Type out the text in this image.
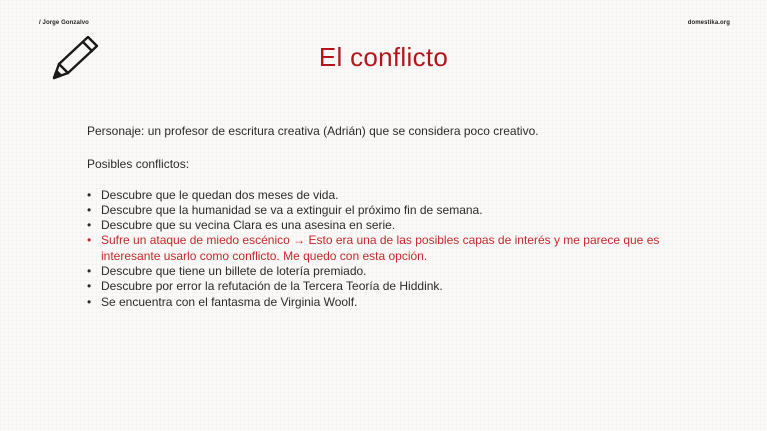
/ Jorge Gonzalvo	domestika.org
El conflicto

Personaje: un profesor de escritura creativa (Adrián) que se considera poco creativo.

Posibles conflictos:

• Descubre que le quedan dos meses de vida.
• Descubre que la humanidad se va a extinguir el próximo fin de semana.
• Descubre que su vecina Clara es una asesina en serie.
• Sufre un ataque de miedo escénico → Esto era una de las posibles capas de interés y me parece que es interesante usarlo como conflicto. Me quedo con esta opción.
• Descubre que tiene un billete de lotería premiado.
• Descubre por error la refutación de la Tercera Teoría de Hiddink.
• Se encuentra con el fantasma de Virginia Woolf.
